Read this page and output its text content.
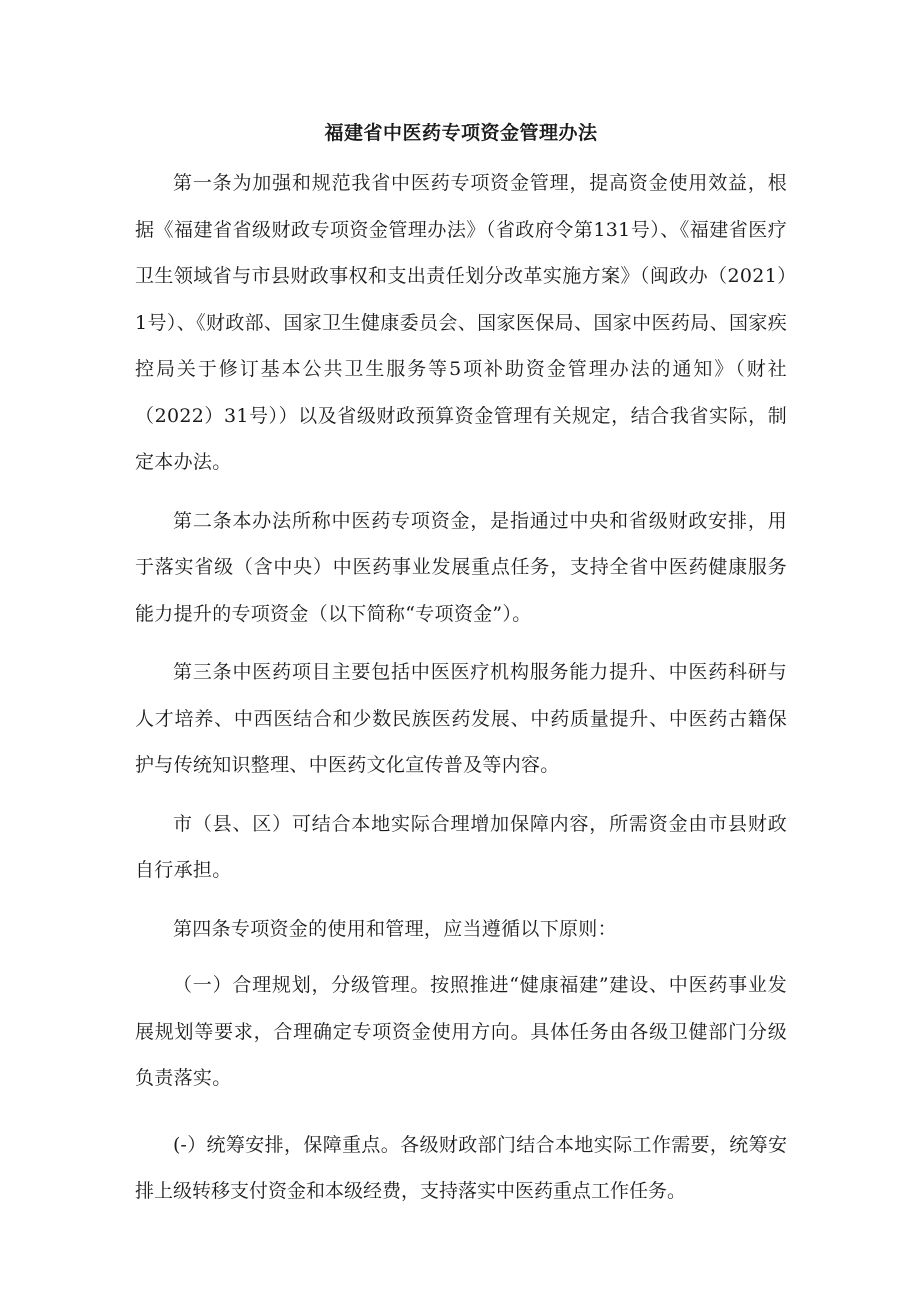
福建省中医药专项资金管理办法

第一条为加强和规范我省中医药专项资金管理，提高资金使用效益，根据《福建省省级财政专项资金管理办法》（省政府令第131号）、《福建省医疗卫生领域省与市县财政事权和支出责任划分改革实施方案》（闽政办（2021）1号）、《财政部、国家卫生健康委员会、国家医保局、国家中医药局、国家疾控局关于修订基本公共卫生服务等5项补助资金管理办法的通知》（财社（2022）31号））以及省级财政预算资金管理有关规定，结合我省实际，制定本办法。

第二条本办法所称中医药专项资金，是指通过中央和省级财政安排，用于落实省级（含中央）中医药事业发展重点任务，支持全省中医药健康服务能力提升的专项资金（以下简称“专项资金”）。

第三条中医药项目主要包括中医医疗机构服务能力提升、中医药科研与人才培养、中西医结合和少数民族医药发展、中药质量提升、中医药古籍保护与传统知识整理、中医药文化宣传普及等内容。

市（县、区）可结合本地实际合理增加保障内容，所需资金由市县财政自行承担。

第四条专项资金的使用和管理，应当遵循以下原则：

（一）合理规划，分级管理。按照推进“健康福建”建设、中医药事业发展规划等要求，合理确定专项资金使用方向。具体任务由各级卫健部门分级负责落实。

(-）统筹安排，保障重点。各级财政部门结合本地实际工作需要，统筹安排上级转移支付资金和本级经费，支持落实中医药重点工作任务。
